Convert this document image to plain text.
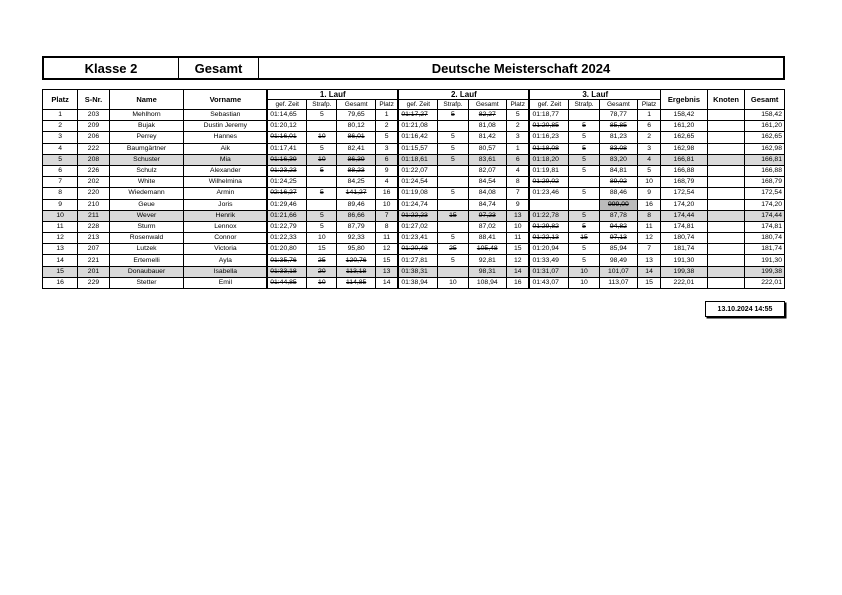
Klasse 2	Gesamt	Deutsche Meisterschaft 2024
Platz	S-Nr.	Name	Vorname	1. Lauf				2. Lauf				3. Lauf				Ergebnis	Knoten	Gesamt
				gef. Zeit	Strafp.	Gesamt	Platz	gef. Zeit	Strafp.	Gesamt	Platz	gef. Zeit	Strafp.	Gesamt	Platz			
1	203	Mehlhorn	Sebastian	01:14,65	5	79,65	1	01:17,27	5	82,27	5	01:18,77		78,77	1	158,42		158,42
2	209	Bujak	Dustin Jeremy	01:20,12		80,12	2	01:21,08		81,08	2	01:20,85	5	85,85	6	161,20		161,20
3	206	Perrey	Hannes	01:16,01	10	86,01	5	01:16,42	5	81,42	3	01:16,23	5	81,23	2	162,65		162,65
4	222	Baumgärtner	Aik	01:17,41	5	82,41	3	01:15,57	5	80,57	1	01:18,08	5	83,08	3	162,98		162,98
5	208	Schuster	Mia	01:16,39	10	86,39	6	01:18,61	5	83,61	6	01:18,20	5	83,20	4	166,81		166,81
6	226	Schulz	Alexander	01:23,23	5	88,23	9	01:22,07		82,07	4	01:19,81	5	84,81	5	166,88		166,88
7	202	White	Wilhelmina	01:24,25		84,25	4	01:24,54		84,54	8	01:29,02		89,02	10	168,79		168,79
8	220	Wiedemann	Armin	02:16,27	5	141,27	16	01:19,08	5	84,08	7	01:23,46	5	88,46	9	172,54		172,54
9	210	Geue	Joris	01:29,46		89,46	10	01:24,74		84,74	9			999,00	16	174,20		174,20
10	211	Wever	Henrik	01:21,66	5	86,66	7	01:22,23	15	97,23	13	01:22,78	5	87,78	8	174,44		174,44
11	228	Sturm	Lennox	01:22,79	5	87,79	8	01:27,02		87,02	10	01:29,82	5	94,82	11	174,81		174,81
12	213	Rosenwald	Connor	01:22,33	10	92,33	11	01:23,41	5	88,41	11	01:22,13	15	97,13	12	180,74		180,74
13	207	Lutzek	Victoria	01:20,80	15	95,80	12	01:20,48	25	105,48	15	01:20,94	5	85,94	7	181,74		181,74
14	221	Ertemelli	Ayla	01:35,76	25	120,76	15	01:27,81	5	92,81	12	01:33,49	5	98,49	13	191,30		191,30
15	201	Donaubauer	Isabella	01:33,18	20	113,18	13	01:38,31		98,31	14	01:31,07	10	101,07	14	199,38		199,38
16	229	Stetter	Emil	01:44,85	10	114,85	14	01:38,94	10	108,94	16	01:43,07	10	113,07	15	222,01		222,01
13.10.2024 14:55
